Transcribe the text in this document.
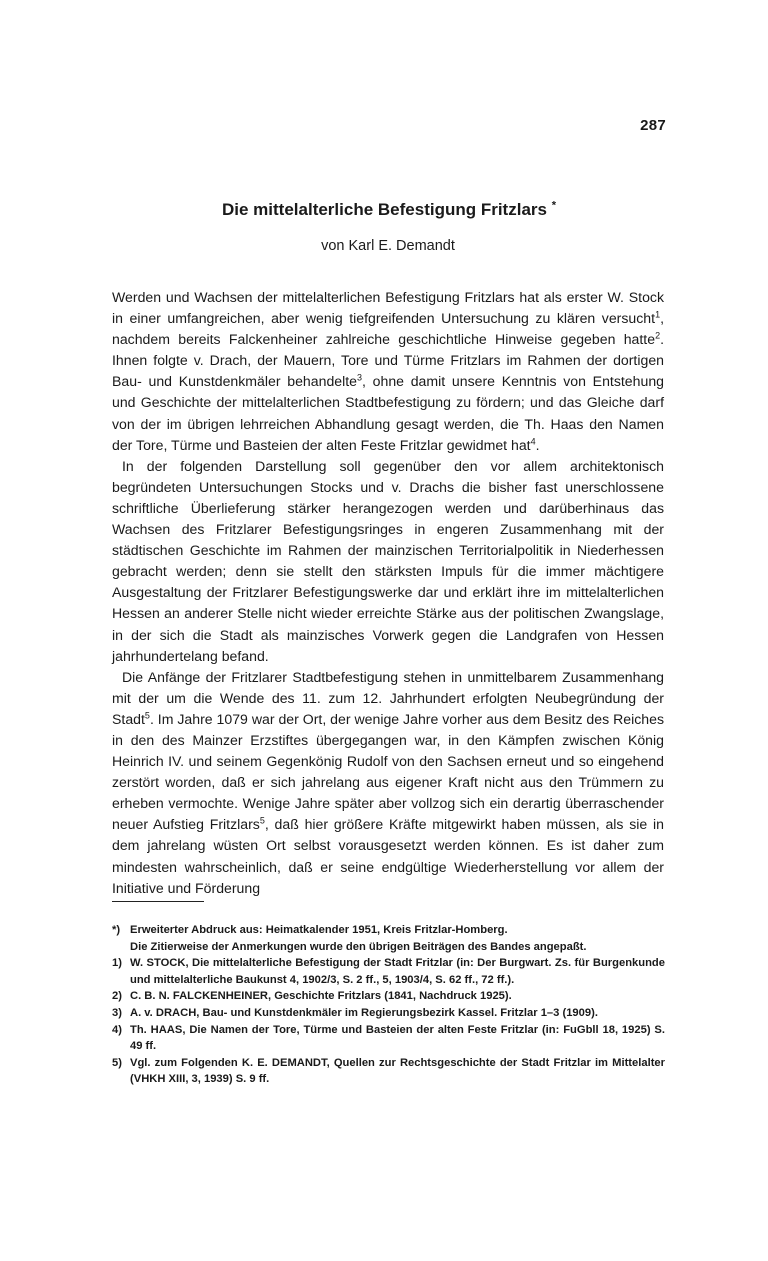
287
Die mittelalterliche Befestigung Fritzlars *
von Karl E. Demandt

Werden und Wachsen der mittelalterlichen Befestigung Fritzlars hat als erster W. Stock in einer umfangreichen, aber wenig tiefgreifenden Untersuchung zu klären versucht$^1$, nachdem bereits Falckenheiner zahlreiche geschichtliche Hinweise gegeben hatte$^2$. Ihnen folgte v. Drach, der Mauern, Tore und Türme Fritzlars im Rahmen der dortigen Bau- und Kunstdenkmäler behandelte$^3$, ohne damit unsere Kenntnis von Entstehung und Geschichte der mittelalterlichen Stadtbefestigung zu fördern; und das Gleiche darf von der im übrigen lehrreichen Abhandlung gesagt werden, die Th. Haas den Namen der Tore, Türme und Basteien der alten Feste Fritzlar gewidmet hat$^4$.

In der folgenden Darstellung soll gegenüber den vor allem architektonisch begründeten Untersuchungen Stocks und v. Drachs die bisher fast unerschlossene schriftliche Überlieferung stärker herangezogen werden und darüberhinaus das Wachsen des Fritzlarer Befestigungsringes in engeren Zusammenhang mit der städtischen Geschichte im Rahmen der mainzischen Territorialpolitik in Niederhessen gebracht werden; denn sie stellt den stärksten Impuls für die immer mächtigere Ausgestaltung der Fritzlarer Befestigungswerke dar und erklärt ihre im mittelalterlichen Hessen an anderer Stelle nicht wieder erreichte Stärke aus der politischen Zwangslage, in der sich die Stadt als mainzisches Vorwerk gegen die Landgrafen von Hessen jahrhundertelang befand.

Die Anfänge der Fritzlarer Stadtbefestigung stehen in unmittelbarem Zusammenhang mit der um die Wende des 11. zum 12. Jahrhundert erfolgten Neubegründung der Stadt$^5$. Im Jahre 1079 war der Ort, der wenige Jahre vorher aus dem Besitz des Reiches in den des Mainzer Erzstiftes übergegangen war, in den Kämpfen zwischen König Heinrich IV. und seinem Gegenkönig Rudolf von den Sachsen erneut und so eingehend zerstört worden, daß er sich jahrelang aus eigener Kraft nicht aus den Trümmern zu erheben vermochte. Wenige Jahre später aber vollzog sich ein derartig überraschender neuer Aufstieg Fritzlars$^5$, daß hier größere Kräfte mitgewirkt haben müssen, als sie in dem jahrelang wüsten Ort selbst vorausgesetzt werden können. Es ist daher zum mindesten wahrscheinlich, daß er seine endgültige Wiederherstellung vor allem der Initiative und Förderung

*) Erweiterter Abdruck aus: Heimatkalender 1951, Kreis Fritzlar-Homberg.
Die Zitierweise der Anmerkungen wurde den übrigen Beiträgen des Bandes angepaßt.
1) W. STOCK, Die mittelalterliche Befestigung der Stadt Fritzlar (in: Der Burgwart. Zs. für Burgenkunde und mittelalterliche Baukunst 4, 1902/3, S. 2 ff., 5, 1903/4, S. 62 ff., 72 ff.).
2) C. B. N. FALCKENHEINER, Geschichte Fritzlars (1841, Nachdruck 1925).
3) A. v. DRACH, Bau- und Kunstdenkmäler im Regierungsbezirk Kassel. Fritzlar 1–3 (1909).
4) Th. HAAS, Die Namen der Tore, Türme und Basteien der alten Feste Fritzlar (in: FuGbll 18, 1925) S. 49 ff.
5) Vgl. zum Folgenden K. E. DEMANDT, Quellen zur Rechtsgeschichte der Stadt Fritzlar im Mittelalter (VHKH XIII, 3, 1939) S. 9 ff.
